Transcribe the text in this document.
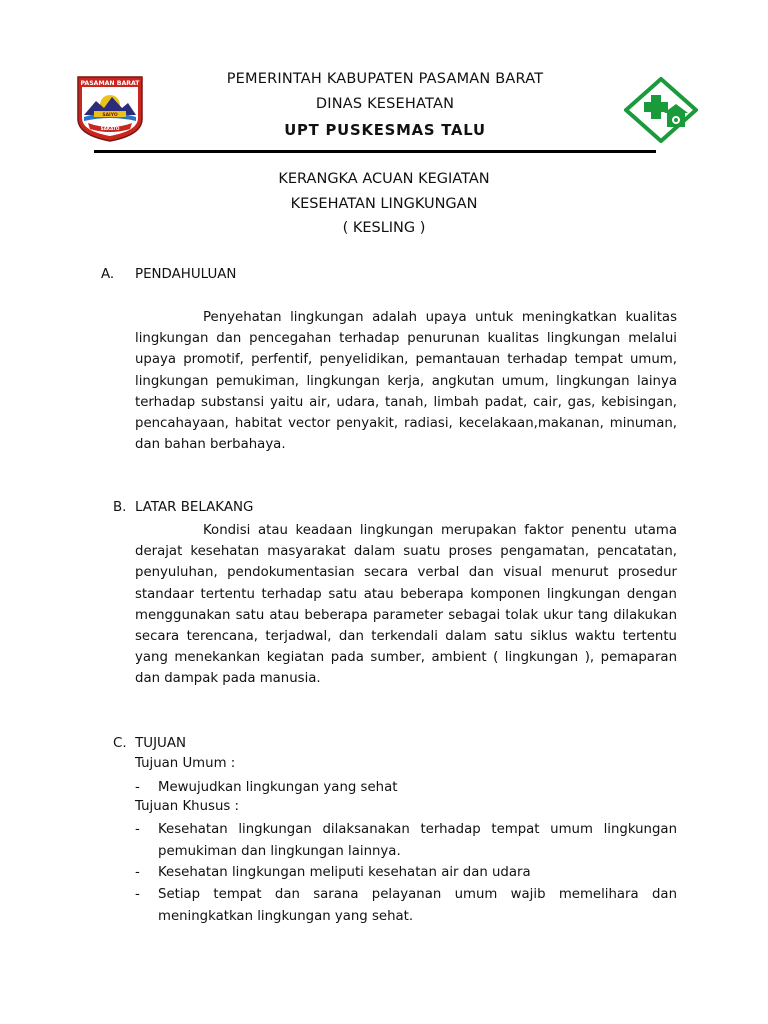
PASAMAN BARAT
SAIYO
SAKATO
PEMERINTAH KABUPATEN PASAMAN BARAT
DINAS KESEHATAN
UPT PUSKESMAS TALU
KERANGKA ACUAN KEGIATAN
KESEHATAN LINGKUNGAN
( KESLING )
A. PENDAHULUAN

Penyehatan lingkungan adalah upaya untuk meningkatkan kualitas lingkungan dan pencegahan terhadap penurunan kualitas lingkungan melalui upaya promotif, perfentif, penyelidikan, pemantauan terhadap tempat umum, lingkungan pemukiman, lingkungan kerja, angkutan umum, lingkungan lainya terhadap substansi yaitu air, udara, tanah, limbah padat, cair, gas, kebisingan, pencahayaan, habitat vector penyakit, radiasi, kecelakaan,makanan, minuman, dan bahan berbahaya.

B.  LATAR BELAKANG

Kondisi atau keadaan lingkungan merupakan faktor penentu utama derajat kesehatan masyarakat dalam suatu proses pengamatan, pencatatan, penyuluhan, pendokumentasian secara verbal dan visual menurut prosedur standaar tertentu terhadap satu atau beberapa komponen lingkungan dengan menggunakan satu atau beberapa parameter sebagai tolak ukur tang dilakukan secara terencana, terjadwal, dan terkendali dalam satu siklus waktu tertentu yang menekankan kegiatan pada sumber, ambient ( lingkungan ), pemaparan dan dampak pada manusia.

C.  TUJUAN
Tujuan Umum :
- Mewujudkan lingkungan yang sehat
Tujuan Khusus :
- Kesehatan lingkungan dilaksanakan terhadap tempat umum lingkungan pemukiman dan lingkungan lainnya.
- Kesehatan lingkungan meliputi kesehatan air dan udara
- Setiap tempat dan sarana pelayanan umum wajib memelihara dan meningkatkan lingkungan yang sehat.
